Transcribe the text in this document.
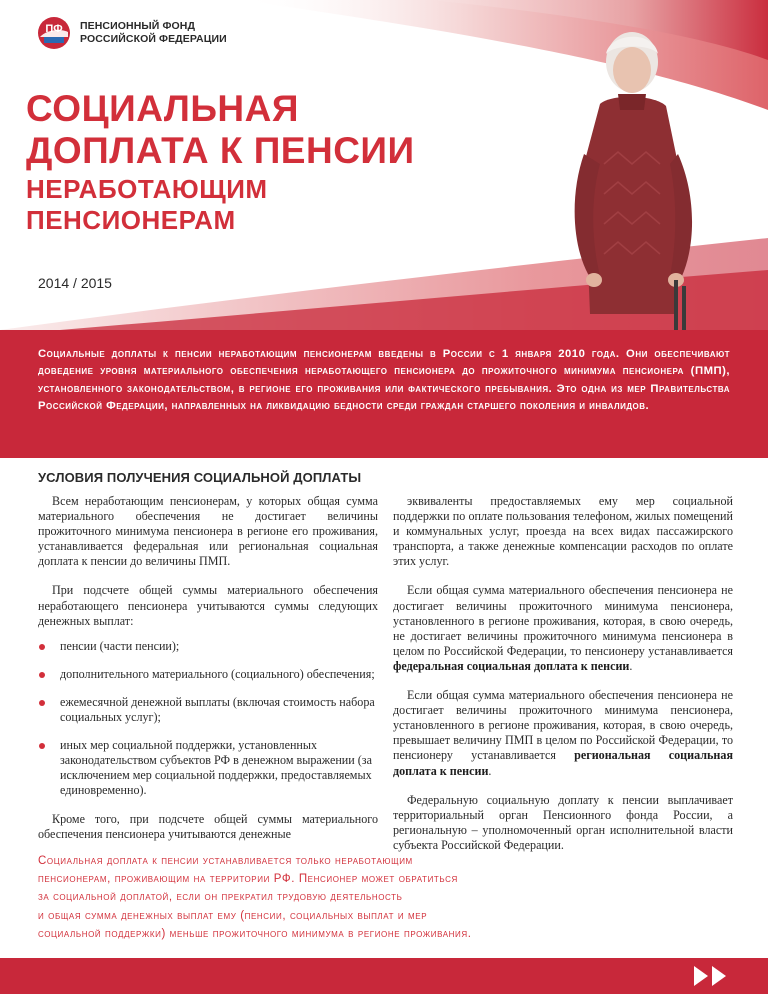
ПФ ПЕНСИОННЫЙ ФОНД
РОССИЙСКОЙ ФЕДЕРАЦИИ
СОЦИАЛЬНАЯ
ДОПЛАТА К ПЕНСИИ
НЕРАБОТАЮЩИМ
ПЕНСИОНЕРАМ
2014 / 2015

Социальные доплаты к пенсии неработающим пенсионерам введены в России с 1 января 2010 года. Они обеспечивают доведение уровня материального обеспечения неработающего пенсионера до прожиточного минимума пенсионера (ПМП), установленного законодательством, в регионе его проживания или фактического пребывания. Это одна из мер Правительства Российской Федерации, направленных на ликвидацию бедности среди граждан старшего поколения и инвалидов.

УСЛОВИЯ ПОЛУЧЕНИЯ СОЦИАЛЬНОЙ ДОПЛАТЫ

Всем неработающим пенсионерам, у которых общая сумма материального обеспечения не достигает величины прожиточного минимума пенсионера в регионе его проживания, устанавливается федеральная или региональная социальная доплата к пенсии до величины ПМП.

При подсчете общей суммы материального обеспечения неработающего пенсионера учитываются суммы следующих денежных выплат:

пенсии (части пенсии);
дополнительного материального (социального) обеспечения;
ежемесячной денежной выплаты (включая стоимость набора социальных услуг);
иных мер социальной поддержки, установленных законодательством субъектов РФ в денежном выражении (за исключением мер социальной поддержки, предоставляемых единовременно).

Кроме того, при подсчете общей суммы материального обеспечения пенсионера учитываются денежные

эквиваленты предоставляемых ему мер социальной поддержки по оплате пользования телефоном, жилых помещений и коммунальных услуг, проезда на всех видах пассажирского транспорта, а также денежные компенсации расходов по оплате этих услуг.

Если общая сумма материального обеспечения пенсионера не достигает величины прожиточного минимума пенсионера, установленного в регионе проживания, которая, в свою очередь, не достигает величины прожиточного минимума пенсионера в целом по Российской Федерации, то пенсионеру устанавливается федеральная социальная доплата к пенсии.

Если общая сумма материального обеспечения пенсионера не достигает величины прожиточного минимума пенсионера, установленного в регионе проживания, которая, в свою очередь, превышает величину ПМП в целом по Российской Федерации, то пенсионеру устанавливается региональная социальная доплата к пенсии.

Федеральную социальную доплату к пенсии выплачивает территориальный орган Пенсионного фонда России, а региональную – уполномоченный орган исполнительной власти субъекта Российской Федерации.

Социальная доплата к пенсии устанавливается только неработающим
пенсионерам, проживающим на территории РФ. Пенсионер может обратиться
за социальной доплатой, если он прекратил трудовую деятельность
и общая сумма денежных выплат ему (пенсии, социальных выплат и мер
социальной поддержки) меньше прожиточного минимума в регионе проживания.
